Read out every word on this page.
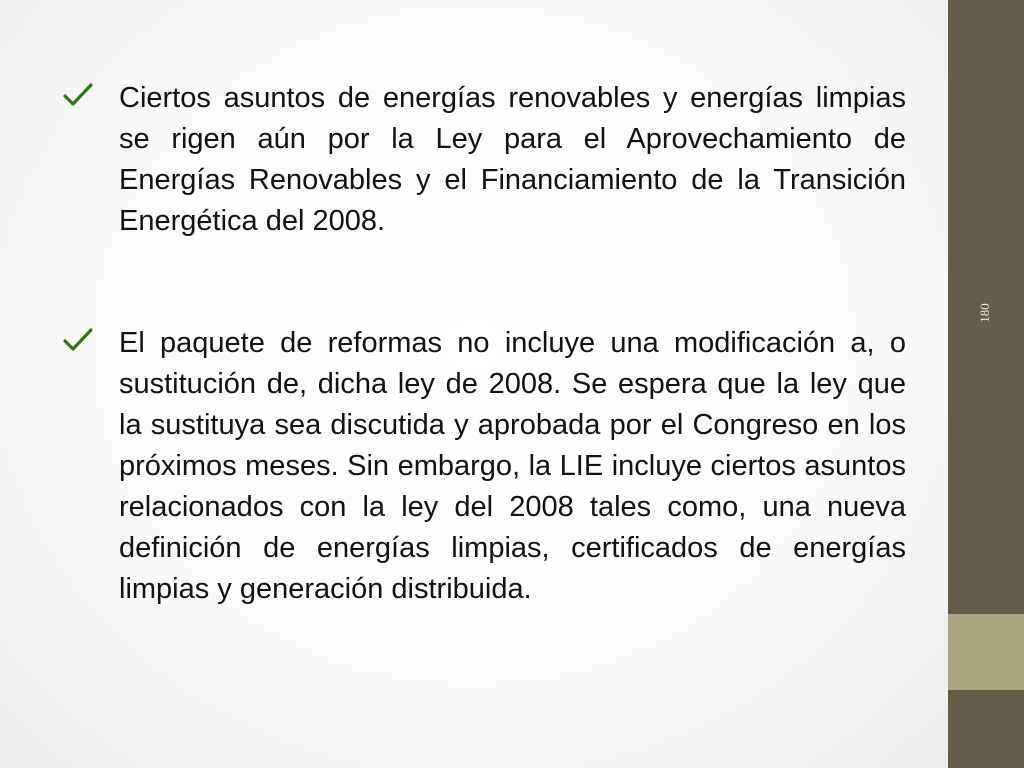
180

Ciertos asuntos de energías renovables y energías limpias se rigen aún por la Ley para el Aprovechamiento de Energías Renovables y el Financiamiento de la Transición Energética del 2008.

El paquete de reformas no incluye una modificación a, o sustitución de, dicha ley de 2008. Se espera que la ley que la sustituya sea discutida y aprobada por el Congreso en los próximos meses. Sin embargo, la LIE incluye ciertos asuntos relacionados con la ley del 2008 tales como, una nueva definición de energías limpias, certificados de energías limpias y generación distribuida.
